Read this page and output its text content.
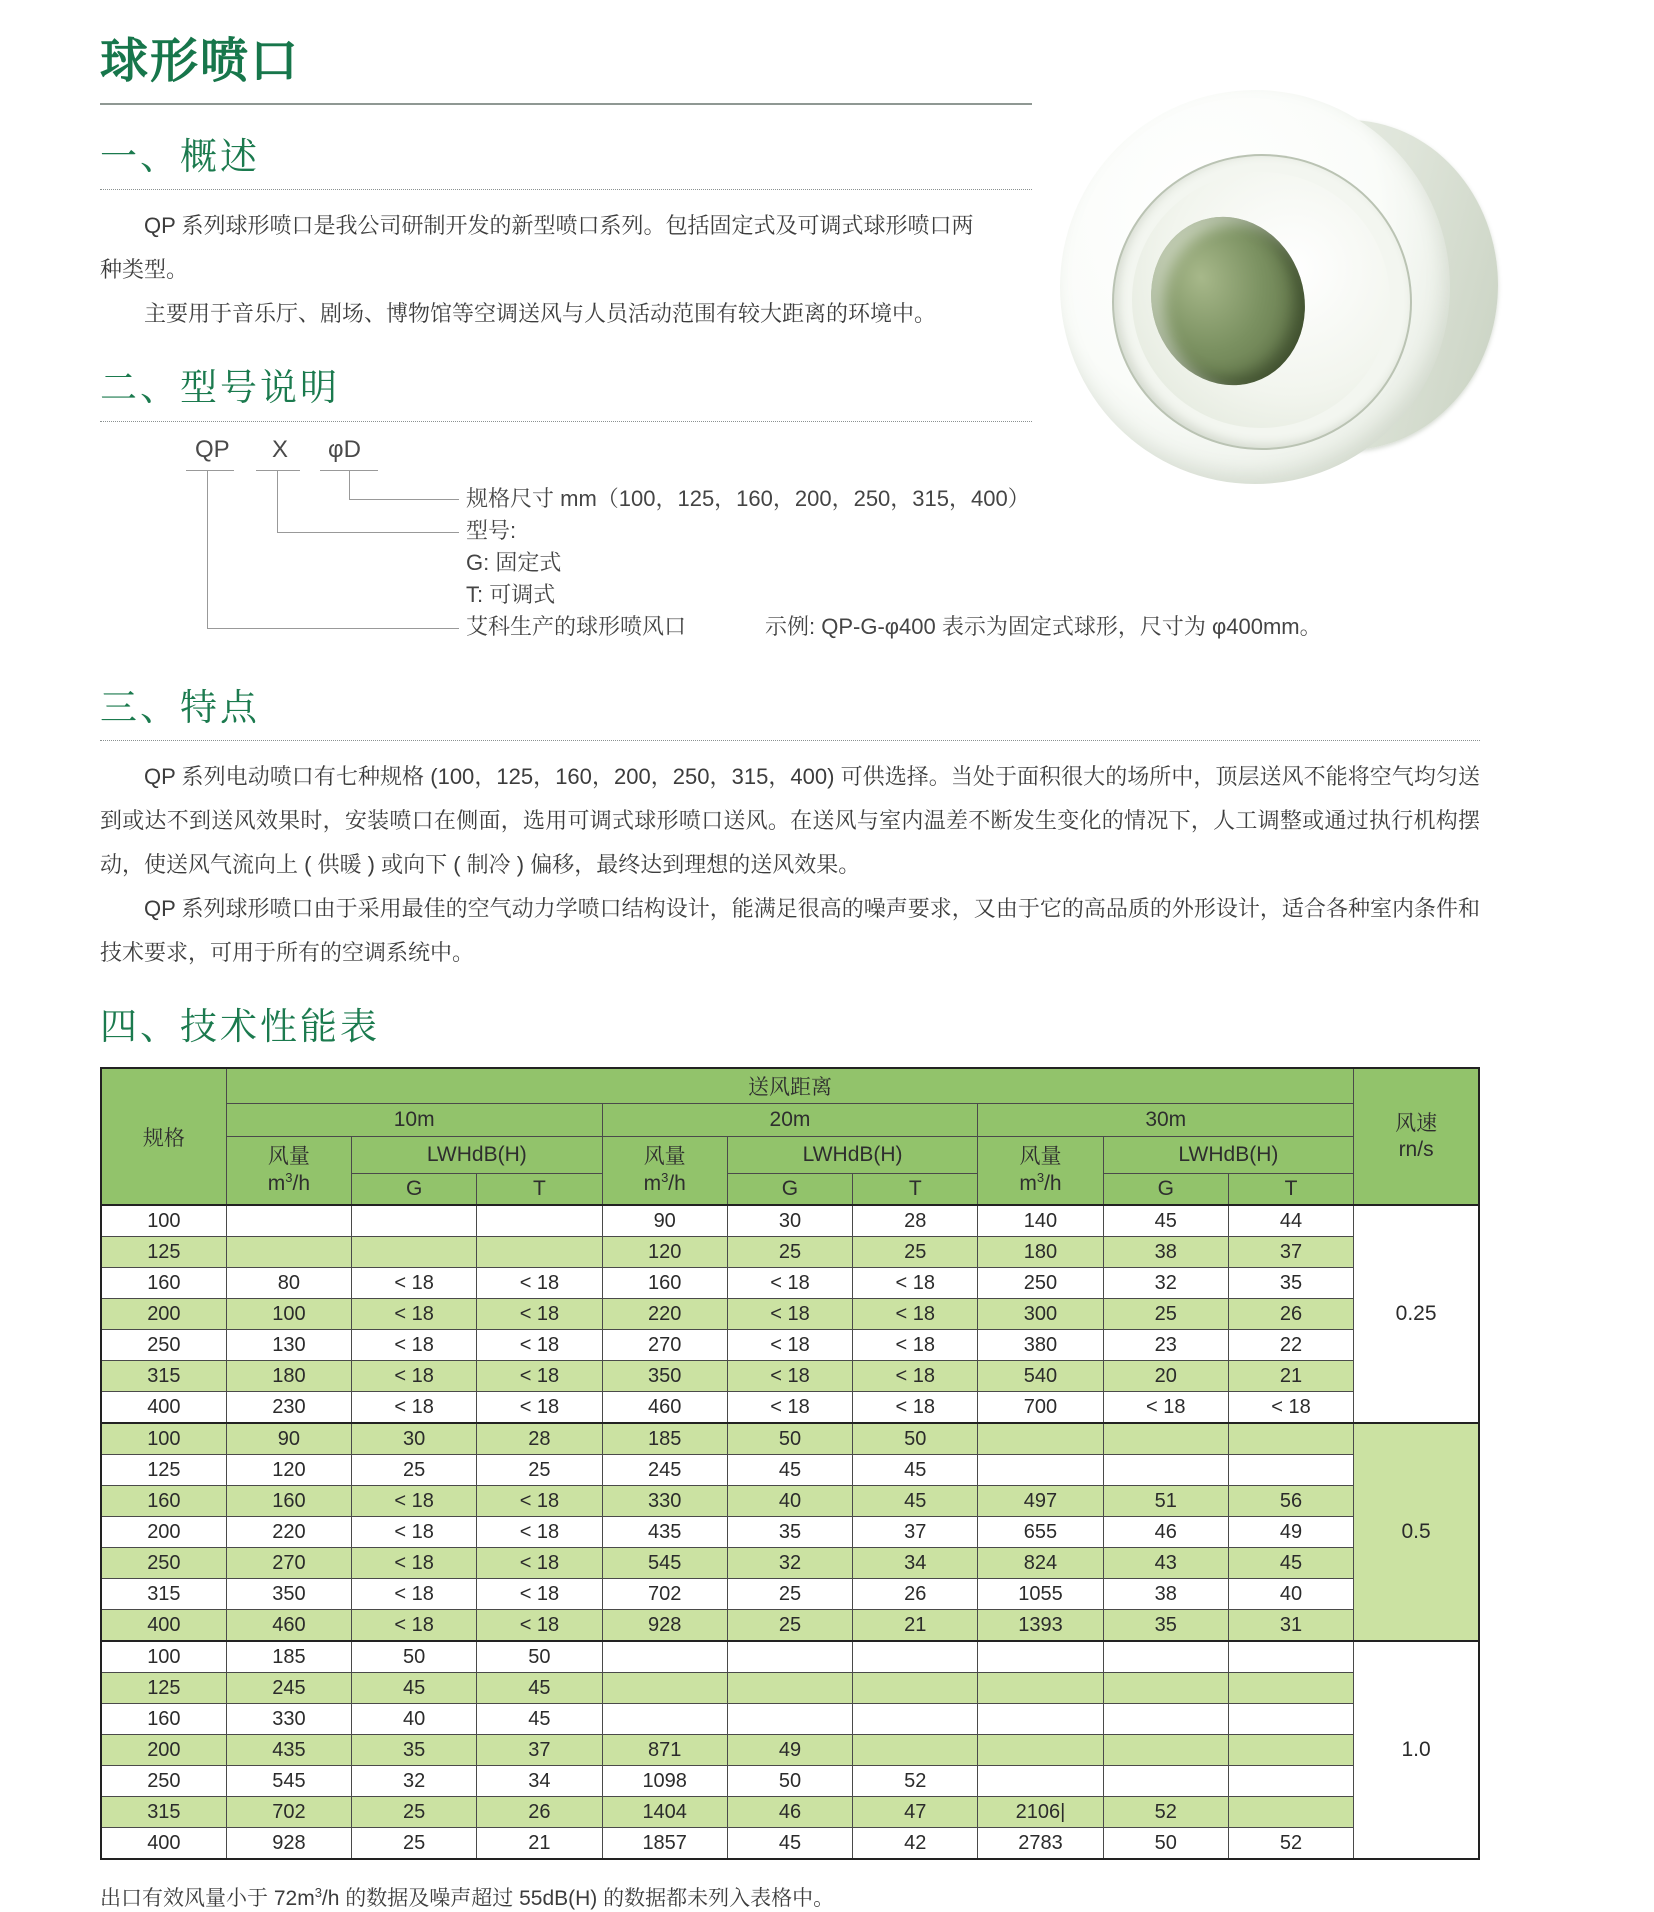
球形喷口
一、概述

QP 系列球形喷口是我公司研制开发的新型喷口系列。包括固定式及可调式球形喷口两种类型。

主要用于音乐厅、剧场、博物馆等空调送风与人员活动范围有较大距离的环境中。

二、型号说明
QP X φD
规格尺寸 mm（100，125，160，200，250，315，400）
型号:
G: 固定式
T: 可调式
艾科生产的球形喷风口	示例: QP-G-φ400 表示为固定式球形，尺寸为 φ400mm。
三、特点

QP 系列电动喷口有七种规格 (100，125，160，200，250，315，400) 可供选择。当处于面积很大的场所中，顶层送风不能将空气均匀送到或达不到送风效果时，安装喷口在侧面，选用可调式球形喷口送风。在送风与室内温差不断发生变化的情况下，人工调整或通过执行机构摆动，使送风气流向上 ( 供暖 ) 或向下 ( 制冷 ) 偏移，最终达到理想的送风效果。

QP 系列球形喷口由于采用最佳的空气动力学喷口结构设计，能满足很高的噪声要求，又由于它的高品质的外形设计，适合各种室内条件和技术要求，可用于所有的空调系统中。

四、技术性能表
规格	送风距离									风速
rn/s

	10m			20m			30m			

	风量
$m^3/h$	LWHdB(H)		风量
$m^3/h$	LWHdB(H)		风量
$m^3/h$	LWHdB(H)		
		G	T		G	T		G	T	
100				90	30	28	140	45	44	0.25
125				120	25	25	180	38	37	
160	80	< 18	< 18	160	< 18	< 18	250	32	35	
200	100	< 18	< 18	220	< 18	< 18	300	25	26	
250	130	< 18	< 18	270	< 18	< 18	380	23	22	
315	180	< 18	< 18	350	< 18	< 18	540	20	21	
400	230	< 18	< 18	460	< 18	< 18	700	< 18	< 18	
100	90	30	28	185	50	50				0.5
125	120	25	25	245	45	45				
160	160	< 18	< 18	330	40	45	497	51	56	
200	220	< 18	< 18	435	35	37	655	46	49	
250	270	< 18	< 18	545	32	34	824	43	45	
315	350	< 18	< 18	702	25	26	1055	38	40	
400	460	< 18	< 18	928	25	21	1393	35	31	
100	185	50	50							1.0
125	245	45	45							
160	330	40	45							
200	435	35	37	871	49					
250	545	32	34	1098	50	52				
315	702	25	26	1404	46	47	2106|	52		
400	928	25	21	1857	45	42	2783	50	52	

出口有效风量小于 $72m^3/h$ 的数据及噪声超过 55dB(H) 的数据都未列入表格中。
